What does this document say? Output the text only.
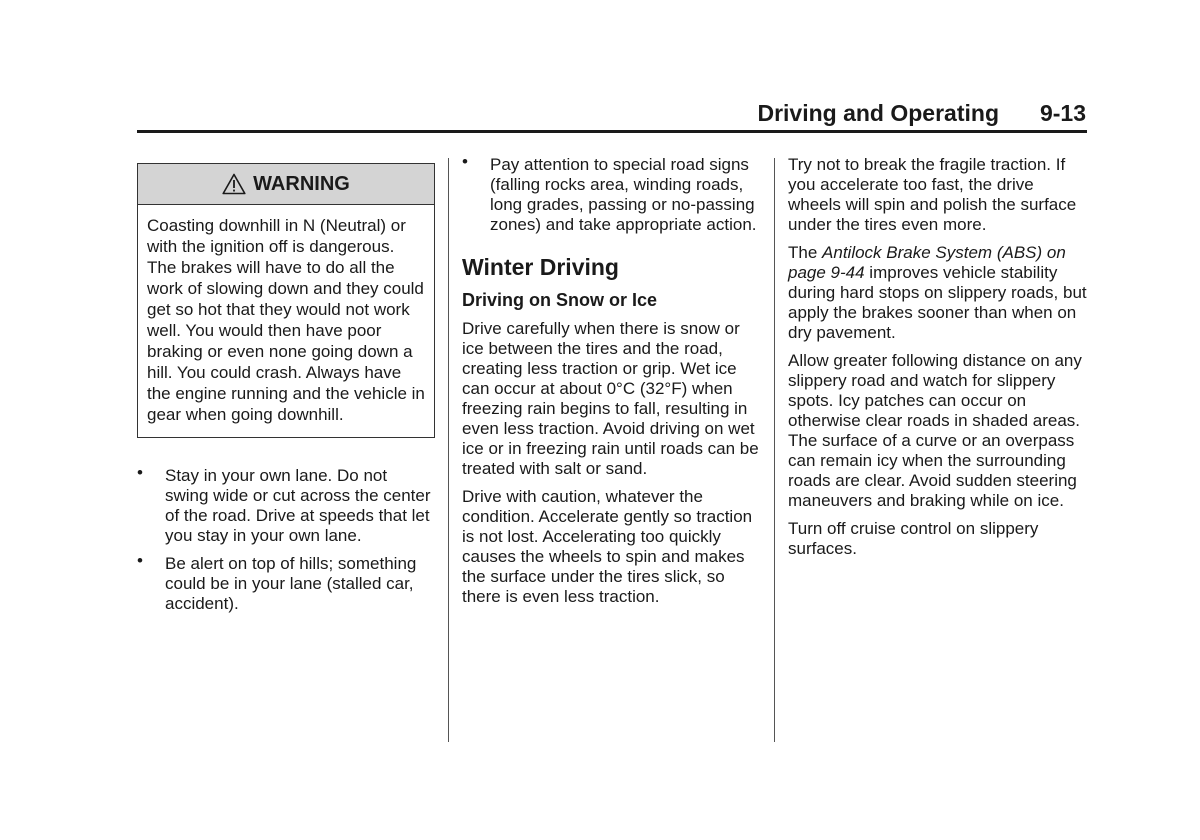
Driving and Operating 9-13
WARNING
Coasting downhill in N (Neutral) or with the ignition off is dangerous. The brakes will have to do all the work of slowing down and they could get so hot that they would not work well. You would then have poor braking or even none going down a hill. You could crash. Always have the engine running and the vehicle in gear when going downhill.
• Stay in your own lane. Do not swing wide or cut across the center of the road. Drive at speeds that let you stay in your own lane.
• Be alert on top of hills; something could be in your lane (stalled car, accident).
• Pay attention to special road signs (falling rocks area, winding roads, long grades, passing or no-passing zones) and take appropriate action.
Winter Driving
Driving on Snow or Ice

Drive carefully when there is snow or ice between the tires and the road, creating less traction or grip. Wet ice can occur at about 0°C (32°F) when freezing rain begins to fall, resulting in even less traction. Avoid driving on wet ice or in freezing rain until roads can be treated with salt or sand.

Drive with caution, whatever the condition. Accelerate gently so traction is not lost. Accelerating too quickly causes the wheels to spin and makes the surface under the tires slick, so there is even less traction.

Try not to break the fragile traction. If you accelerate too fast, the drive wheels will spin and polish the surface under the tires even more.

The Antilock Brake System (ABS) on page 9-44 improves vehicle stability during hard stops on slippery roads, but apply the brakes sooner than when on dry pavement.

Allow greater following distance on any slippery road and watch for slippery spots. Icy patches can occur on otherwise clear roads in shaded areas. The surface of a curve or an overpass can remain icy when the surrounding roads are clear. Avoid sudden steering maneuvers and braking while on ice.

Turn off cruise control on slippery surfaces.
